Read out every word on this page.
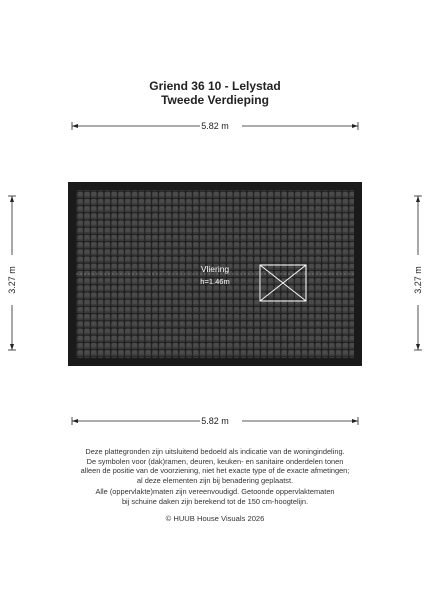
Griend 36 10 - Lelystad
Tweede Verdieping
5.82 m
5.82 m
3.27 m	3.27 m
Vliering
h=1.46m
Deze plattegronden zijn uitsluitend bedoeld als indicatie van de woningindeling.
De symbolen voor (dak)ramen, deuren, keuken- en sanitaire onderdelen tonen
alleen de positie van de voorziening, niet het exacte type of de exacte afmetingen;
al deze elementen zijn bij benadering geplaatst.
Alle (oppervlakte)maten zijn vereenvoudigd. Getoonde oppervlaktematen
bij schuine daken zijn berekend tot de 150 cm-hoogtelijn.
© HUUB House Visuals 2026
